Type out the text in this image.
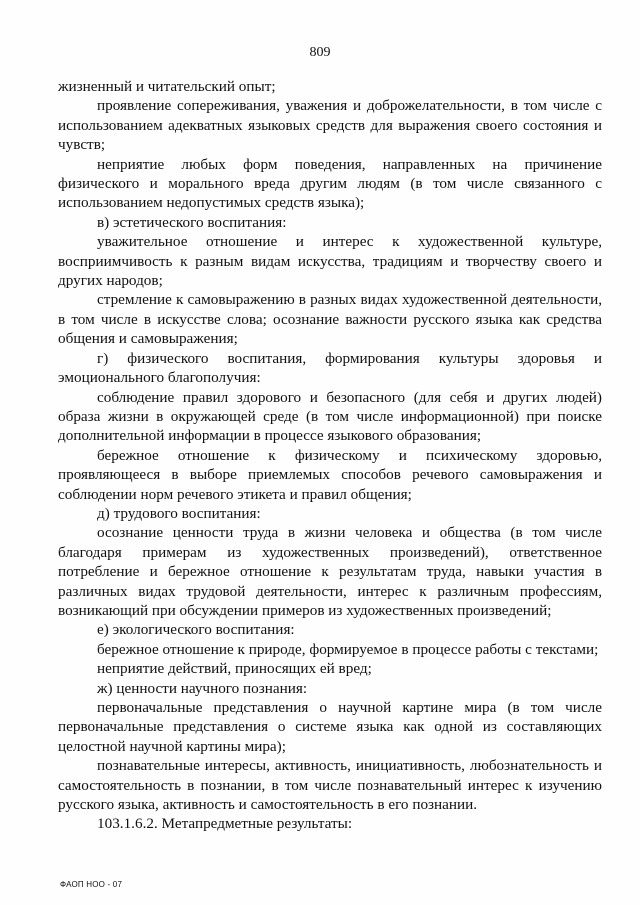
809

жизненный и читательский опыт;

проявление сопереживания, уважения и доброжелательности, в том числе с использованием адекватных языковых средств для выражения своего состояния и чувств;

неприятие любых форм поведения, направленных на причинение физического и морального вреда другим людям (в том числе связанного с использованием недопустимых средств языка);

в) эстетического воспитания:

уважительное отношение и интерес к художественной культуре, восприимчивость к разным видам искусства, традициям и творчеству своего и других народов;

стремление к самовыражению в разных видах художественной деятельности, в том числе в искусстве слова; осознание важности русского языка как средства общения и самовыражения;

г) физического воспитания, формирования культуры здоровья и эмоционального благополучия:

соблюдение правил здорового и безопасного (для себя и других людей) образа жизни в окружающей среде (в том числе информационной) при поиске дополнительной информации в процессе языкового образования;

бережное отношение к физическому и психическому здоровью, проявляющееся в выборе приемлемых способов речевого самовыражения и соблюдении норм речевого этикета и правил общения;

д) трудового воспитания:

осознание ценности труда в жизни человека и общества (в том числе благодаря примерам из художественных произведений), ответственное потребление и бережное отношение к результатам труда, навыки участия в различных видах трудовой деятельности, интерес к различным профессиям, возникающий при обсуждении примеров из художественных произведений;

е) экологического воспитания:

бережное отношение к природе, формируемое в процессе работы с текстами;

неприятие действий, приносящих ей вред;

ж) ценности научного познания:

первоначальные представления о научной картине мира (в том числе первоначальные представления о системе языка как одной из составляющих целостной научной картины мира);

познавательные интересы, активность, инициативность, любознательность и самостоятельность в познании, в том числе познавательный интерес к изучению русского языка, активность и самостоятельность в его познании.

103.1.6.2. Метапредметные результаты:

ФАОП НОО - 07
